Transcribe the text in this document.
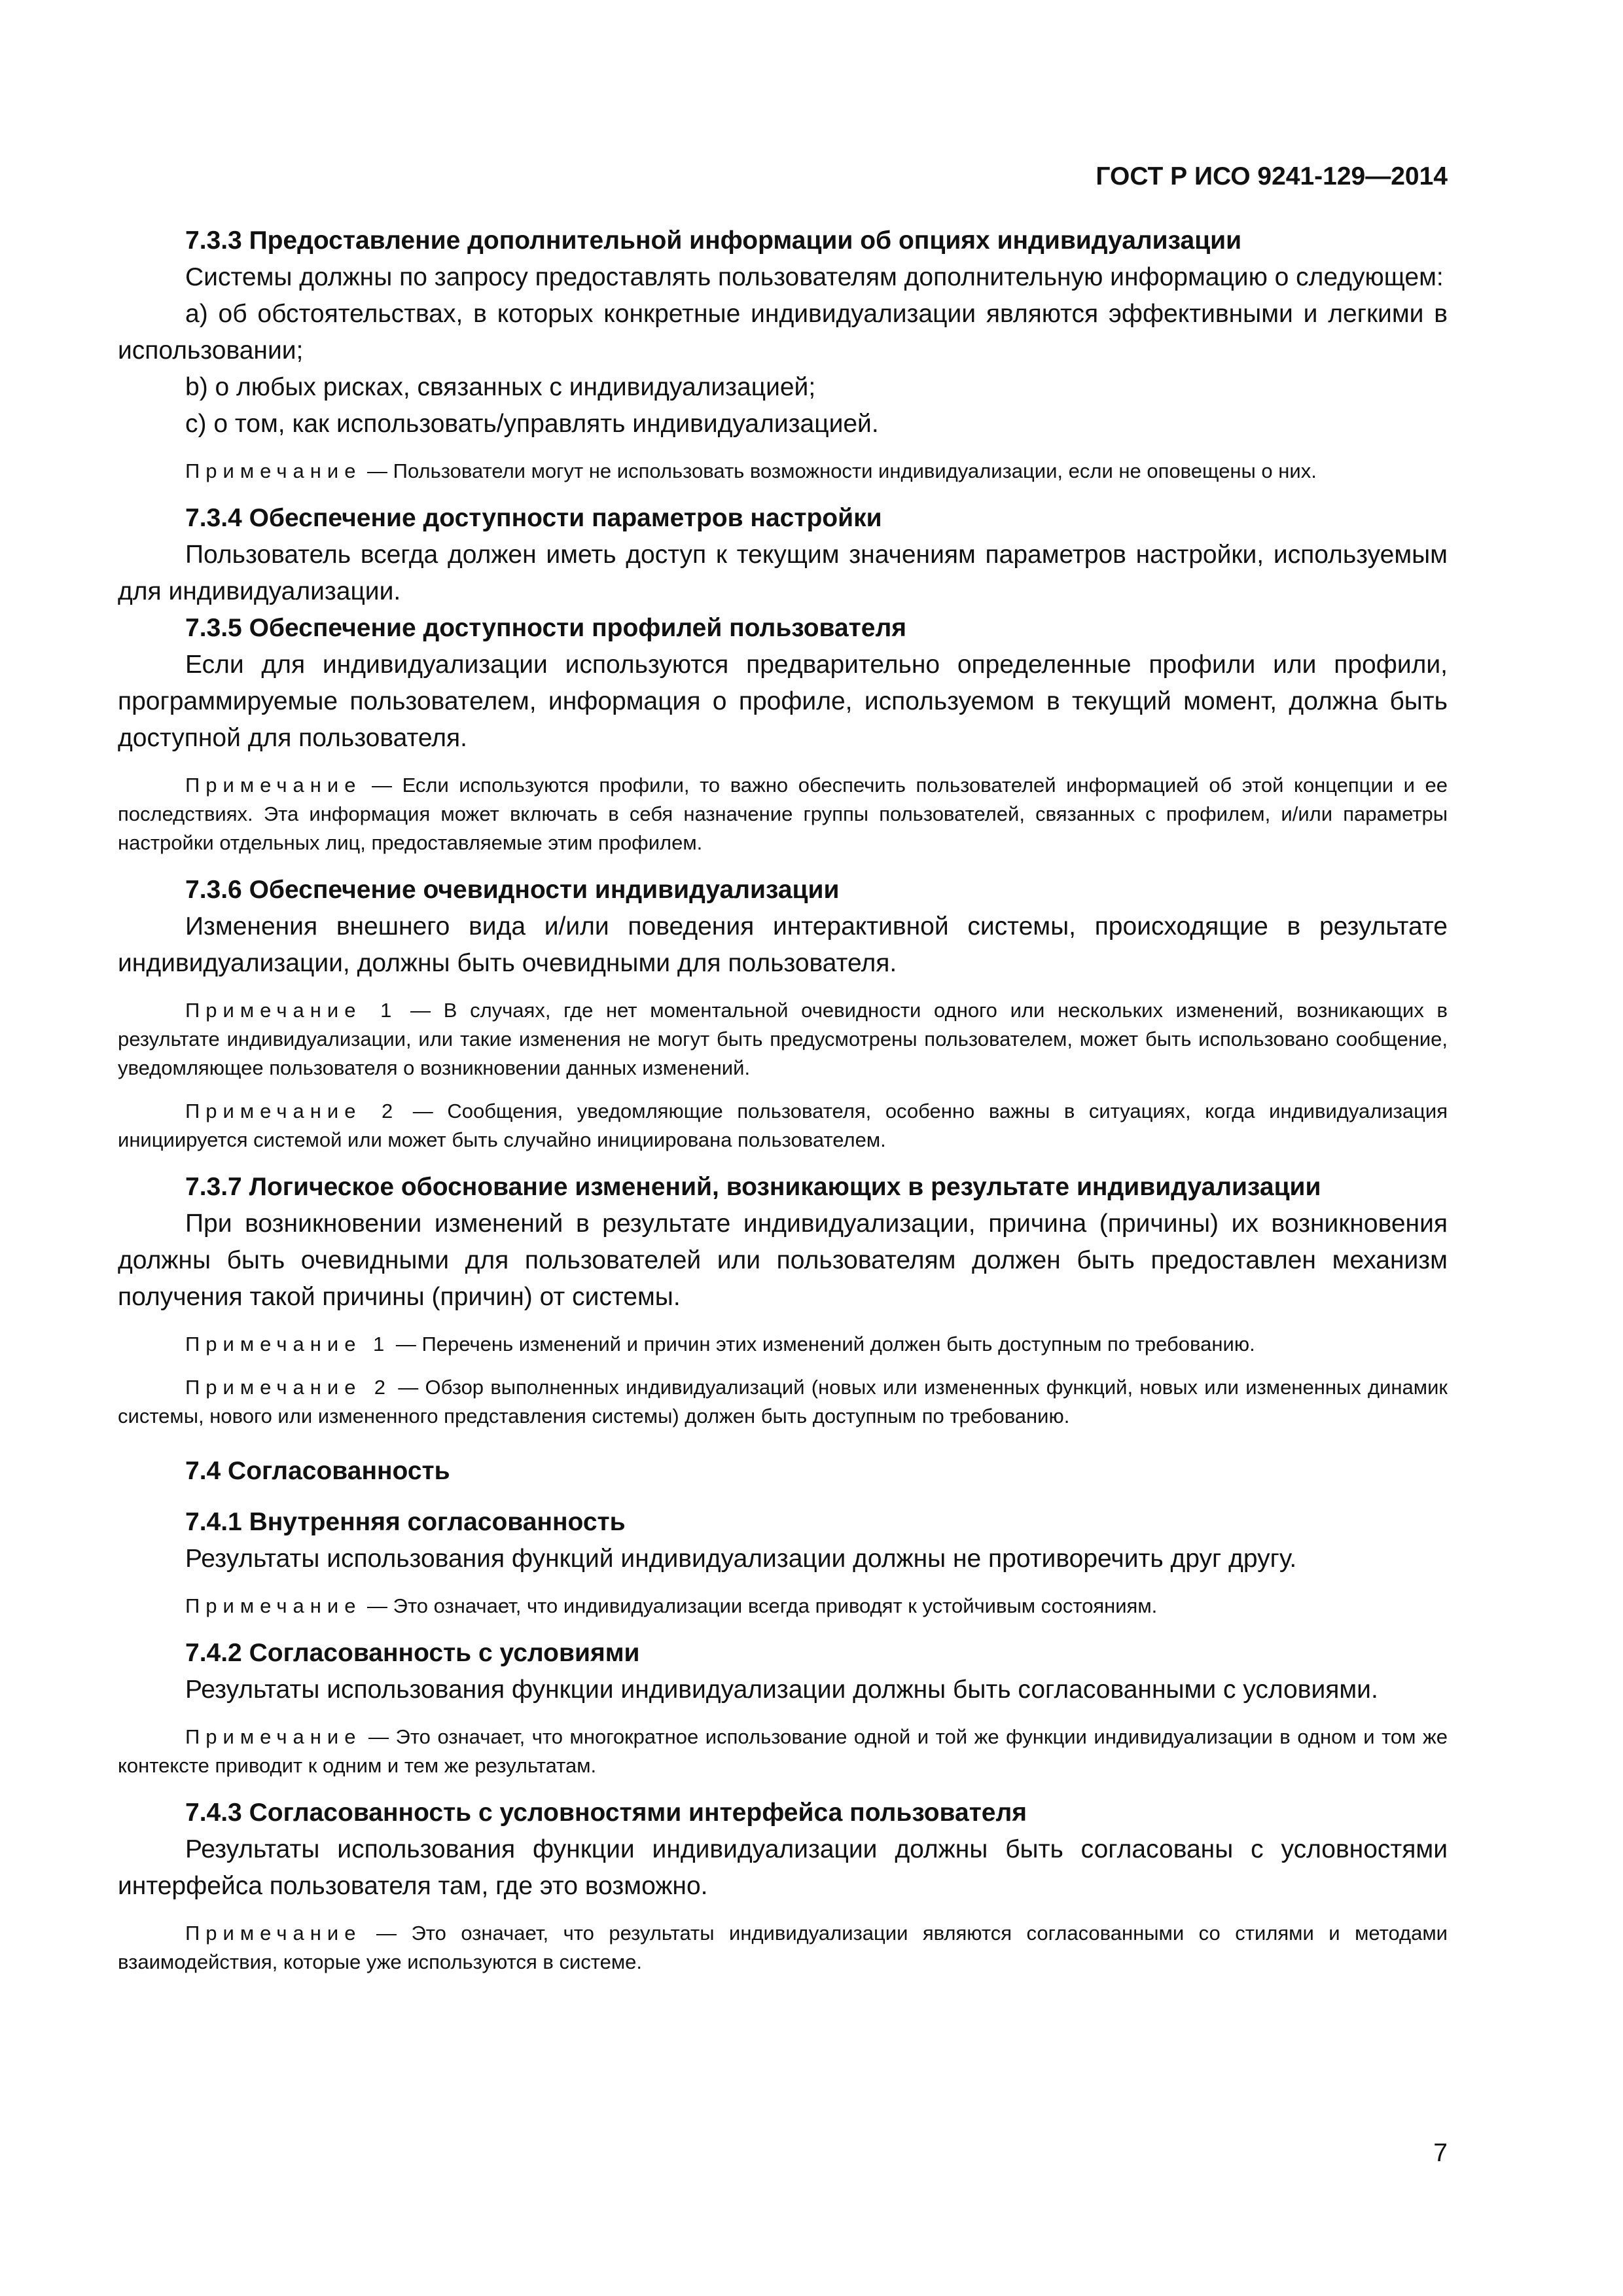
ГОСТ Р ИСО 9241-129—2014
7.3.3 Предоставление дополнительной информации об опциях индивидуализации

Системы должны по запросу предоставлять пользователям дополнительную информацию о следующем:

a) об обстоятельствах, в которых конкретные индивидуализации являются эффективными и легкими в использовании;

b) о любых рисках, связанных с индивидуализацией;

c) о том, как использовать/управлять индивидуализацией.

Примечание — Пользователи могут не использовать возможности индивидуализации, если не оповещены о них.

7.3.4 Обеспечение доступности параметров настройки

Пользователь всегда должен иметь доступ к текущим значениям параметров настройки, используемым для индивидуализации.

7.3.5 Обеспечение доступности профилей пользователя

Если для индивидуализации используются предварительно определенные профили или профили, программируемые пользователем, информация о профиле, используемом в текущий момент, должна быть доступной для пользователя.

Примечание — Если используются профили, то важно обеспечить пользователей информацией об этой концепции и ее последствиях. Эта информация может включать в себя назначение группы пользователей, связанных с профилем, и/или параметры настройки отдельных лиц, предоставляемые этим профилем.

7.3.6 Обеспечение очевидности индивидуализации

Изменения внешнего вида и/или поведения интерактивной системы, происходящие в результате индивидуализации, должны быть очевидными для пользователя.

Примечание 1 — В случаях, где нет моментальной очевидности одного или нескольких изменений, возникающих в результате индивидуализации, или такие изменения не могут быть предусмотрены пользователем, может быть использовано сообщение, уведомляющее пользователя о возникновении данных изменений.

Примечание 2 — Сообщения, уведомляющие пользователя, особенно важны в ситуациях, когда индивидуализация инициируется системой или может быть случайно инициирована пользователем.

7.3.7 Логическое обоснование изменений, возникающих в результате индивидуализации

При возникновении изменений в результате индивидуализации, причина (причины) их возникновения должны быть очевидными для пользователей или пользователям должен быть предоставлен механизм получения такой причины (причин) от системы.

Примечание 1 — Перечень изменений и причин этих изменений должен быть доступным по требованию.

Примечание 2 — Обзор выполненных индивидуализаций (новых или измененных функций, новых или измененных динамик системы, нового или измененного представления системы) должен быть доступным по требованию.

7.4 Согласованность
7.4.1 Внутренняя согласованность

Результаты использования функций индивидуализации должны не противоречить друг другу.

Примечание — Это означает, что индивидуализации всегда приводят к устойчивым состояниям.

7.4.2 Согласованность с условиями

Результаты использования функции индивидуализации должны быть согласованными с условиями.

Примечание — Это означает, что многократное использование одной и той же функции индивидуализации в одном и том же контексте приводит к одним и тем же результатам.

7.4.3 Согласованность с условностями интерфейса пользователя

Результаты использования функции индивидуализации должны быть согласованы с условностями интерфейса пользователя там, где это возможно.

Примечание — Это означает, что результаты индивидуализации являются согласованными со стилями и методами взаимодействия, которые уже используются в системе.

7
